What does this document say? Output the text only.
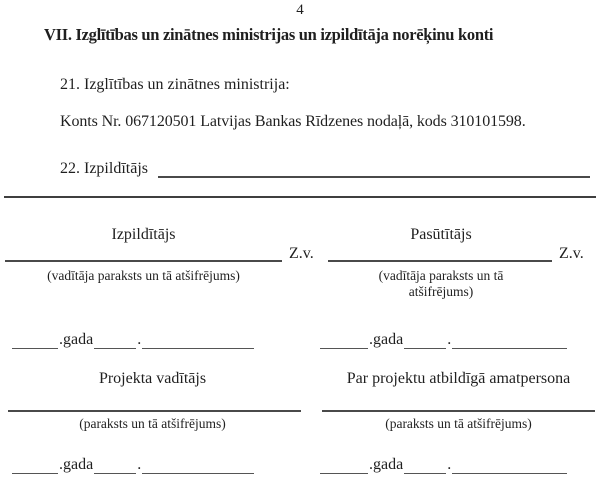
4
VII. Izglītības un zinātnes ministrijas un izpildītāja norēķinu konti
21. Izglītības un zinātnes ministrija:
Konts Nr. 067120501 Latvijas Bankas Rīdzenes nodaļā, kods 310101598.
22. Izpildītājs
Izpildītājs	Pasūtītājs
Z.v.	Z.v.
(vadītāja paraksts un tā atšifrējums)	(vadītāja paraksts un tā
atšifrējums)
.gada	.	.gada	.
Projekta vadītājs	Par projektu atbildīgā amatpersona
(paraksts un tā atšifrējums)	(paraksts un tā atšifrējums)
.gada	.	.gada	.
